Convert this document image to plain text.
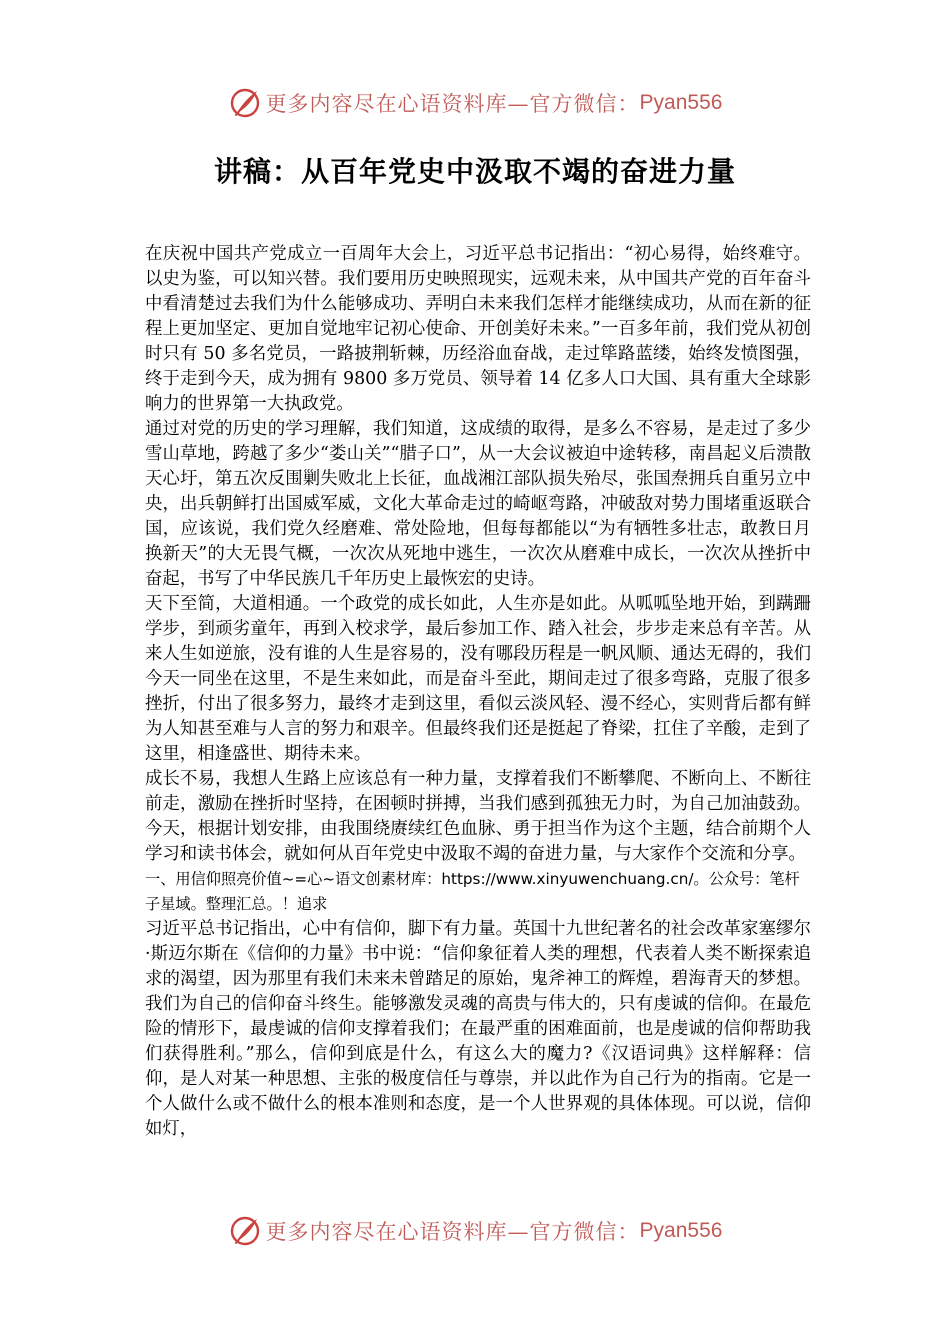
更多内容尽在心语资料库—官方微信： Pyan556
讲稿：从百年党史中汲取不竭的奋进力量

在庆祝中国共产党成立一百周年大会上，习近平总书记指出：“初心易得，始终难守。以史为鉴，可以知兴替。我们要用历史映照现实，远观未来，从中国共产党的百年奋斗中看清楚过去我们为什么能够成功、弄明白未来我们怎样才能继续成功，从而在新的征程上更加坚定、更加自觉地牢记初心使命、开创美好未来。”一百多年前，我们党从初创时只有 50 多名党员，一路披荆斩棘，历经浴血奋战，走过筚路蓝缕，始终发愤图强，终于走到今天，成为拥有 9800 多万党员、领导着 14 亿多人口大国、具有重大全球影响力的世界第一大执政党。

通过对党的历史的学习理解，我们知道，这成绩的取得，是多么不容易，是走过了多少雪山草地，跨越了多少“娄山关”“腊子口”，从一大会议被迫中途转移，南昌起义后溃散天心圩，第五次反围剿失败北上长征，血战湘江部队损失殆尽，张国焘拥兵自重另立中央，出兵朝鲜打出国威军威，文化大革命走过的崎岖弯路，冲破敌对势力围堵重返联合国，应该说，我们党久经磨难、常处险地，但每每都能以“为有牺牲多壮志，敢教日月换新天”的大无畏气概，一次次从死地中逃生，一次次从磨难中成长，一次次从挫折中奋起，书写了中华民族几千年历史上最恢宏的史诗。

天下至简，大道相通。一个政党的成长如此，人生亦是如此。从呱呱坠地开始，到蹒跚学步，到顽劣童年，再到入校求学，最后参加工作、踏入社会，步步走来总有辛苦。从来人生如逆旅，没有谁的人生是容易的，没有哪段历程是一帆风顺、通达无碍的，我们今天一同坐在这里，不是生来如此，而是奋斗至此，期间走过了很多弯路，克服了很多挫折，付出了很多努力，最终才走到这里，看似云淡风轻、漫不经心，实则背后都有鲜为人知甚至难与人言的努力和艰辛。但最终我们还是挺起了脊梁，扛住了辛酸，走到了这里，相逢盛世、期待未来。

成长不易，我想人生路上应该总有一种力量，支撑着我们不断攀爬、不断向上、不断往前走，激励在挫折时坚持，在困顿时拼搏，当我们感到孤独无力时，为自己加油鼓劲。今天，根据计划安排，由我围绕赓续红色血脉、勇于担当作为这个主题，结合前期个人学习和读书体会，就如何从百年党史中汲取不竭的奋进力量，与大家作个交流和分享。

一、用信仰照亮价值~=心~语文创素材库：https://www.xinyuwenchuang.cn/。公众号：笔杆子星域。整理汇总。！追求

习近平总书记指出，心中有信仰，脚下有力量。英国十九世纪著名的社会改革家塞缪尔·斯迈尔斯在《信仰的力量》书中说：“信仰象征着人类的理想，代表着人类不断探索追求的渴望，因为那里有我们未来未曾踏足的原始，鬼斧神工的辉煌，碧海青天的梦想。我们为自己的信仰奋斗终生。能够激发灵魂的高贵与伟大的，只有虔诚的信仰。在最危险的情形下，最虔诚的信仰支撑着我们；在最严重的困难面前，也是虔诚的信仰帮助我们获得胜利。”那么，信仰到底是什么，有这么大的魔力?《汉语词典》这样解释：信仰，是人对某一种思想、主张的极度信任与尊崇，并以此作为自己行为的指南。它是一个人做什么或不做什么的根本准则和态度，是一个人世界观的具体体现。可以说，信仰如灯，

更多内容尽在心语资料库—官方微信： Pyan556
